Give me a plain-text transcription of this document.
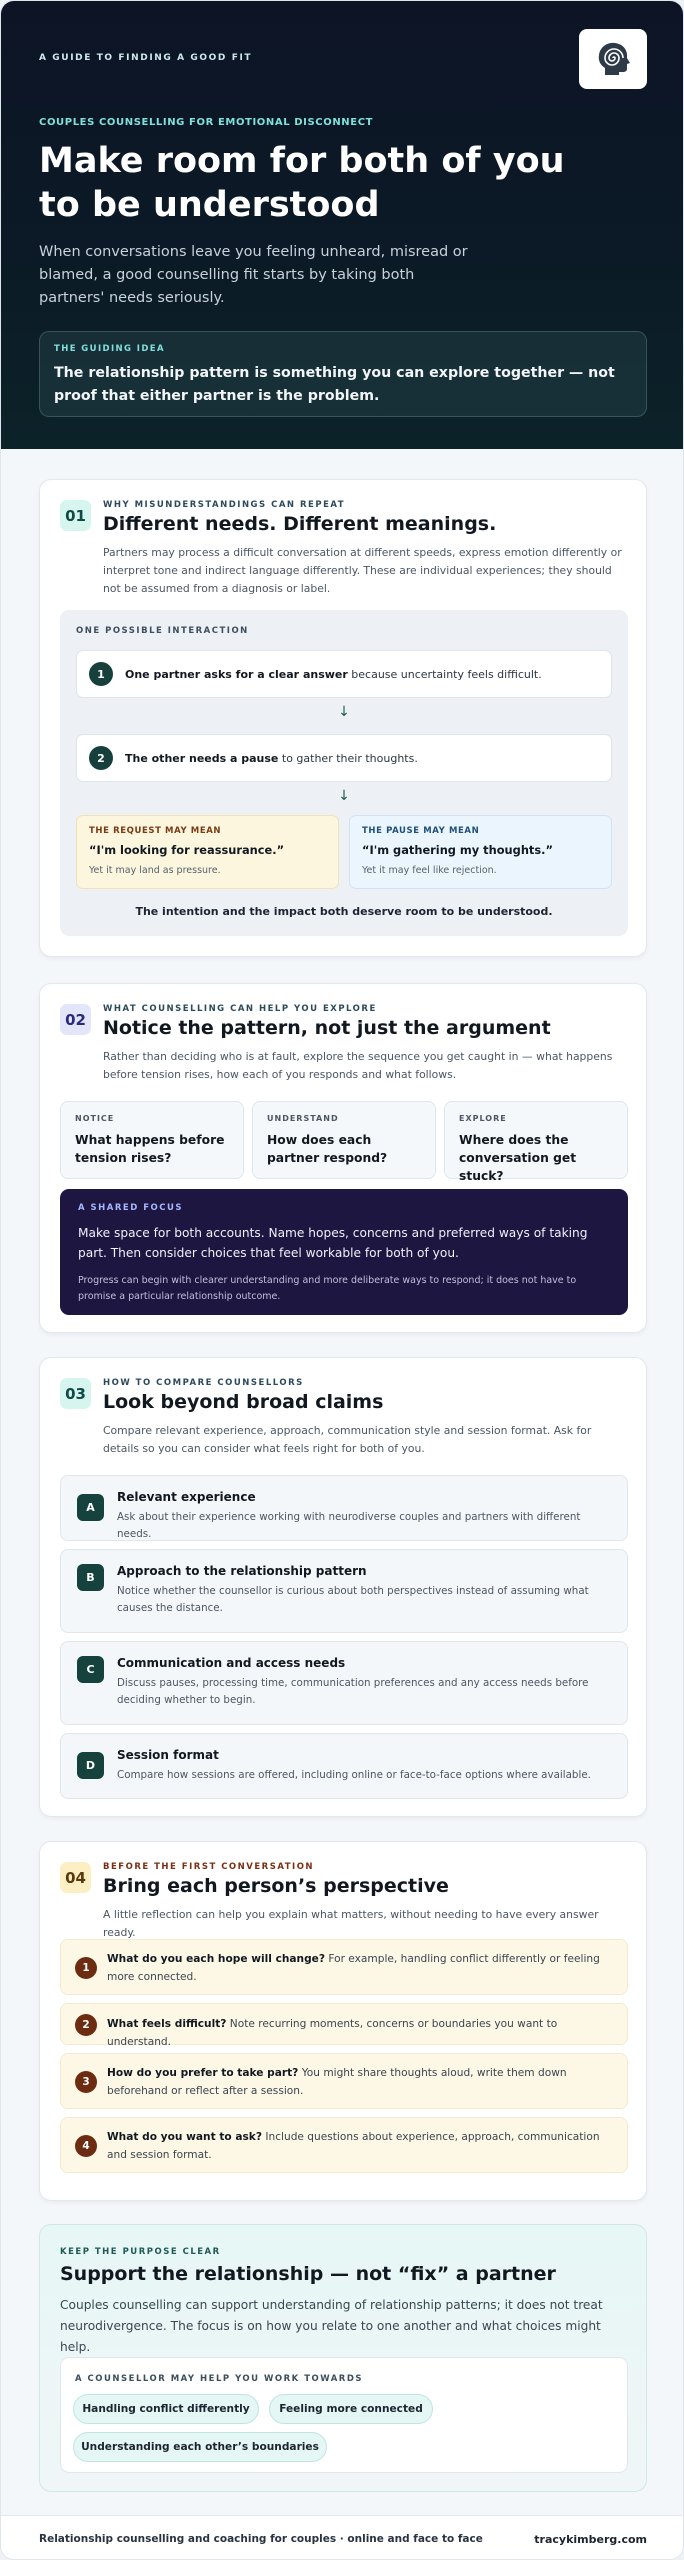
A GUIDE TO FINDING A GOOD FIT
COUPLES COUNSELLING FOR EMOTIONAL DISCONNECT
Make room for both of you to be understood

When conversations leave you feeling unheard, misread or blamed, a good counselling fit starts by taking both partners' needs seriously.

THE GUIDING IDEA
The relationship pattern is something you can explore together — not proof that either partner is the problem.
01
WHY MISUNDERSTANDINGS CAN REPEAT
Different needs. Different meanings.

Partners may process a difficult conversation at different speeds, express emotion differently or interpret tone and indirect language differently. These are individual experiences; they should not be assumed from a diagnosis or label.

ONE POSSIBLE INTERACTION
1	One partner asks for a clear answer because uncertainty feels difficult.
↓
2	The other needs a pause to gather their thoughts.
↓
THE REQUEST MAY MEAN
“I'm looking for reassurance.”
Yet it may land as pressure.
THE PAUSE MAY MEAN
“I'm gathering my thoughts.”
Yet it may feel like rejection.
The intention and the impact both deserve room to be understood.
02
WHAT COUNSELLING CAN HELP YOU EXPLORE
Notice the pattern, not just the argument

Rather than deciding who is at fault, explore the sequence you get caught in — what happens before tension rises, how each of you responds and what follows.

NOTICE
What happens before tension rises?
UNDERSTAND
How does each partner respond?
EXPLORE
Where does the conversation get stuck?
A SHARED FOCUS
Make space for both accounts. Name hopes, concerns and preferred ways of taking part. Then consider choices that feel workable for both of you.
Progress can begin with clearer understanding and more deliberate ways to respond; it does not have to promise a particular relationship outcome.
03
HOW TO COMPARE COUNSELLORS
Look beyond broad claims

Compare relevant experience, approach, communication style and session format. Ask for details so you can consider what feels right for both of you.

A
Relevant experience
Ask about their experience working with neurodiverse couples and partners with different needs.
B	Approach to the relationship pattern
Notice whether the counsellor is curious about both perspectives instead of assuming what causes the distance.
C	Communication and access needs
Discuss pauses, processing time, communication preferences and any access needs before deciding whether to begin.
D
Session format
Compare how sessions are offered, including online or face-to-face options where available.
04
BEFORE THE FIRST CONVERSATION
Bring each person’s perspective

A little reflection can help you explain what matters, without needing to have every answer ready.

1
What do you each hope will change? For example, handling conflict differently or feeling more connected.
2	What feels difficult? Note recurring moments, concerns or boundaries you want to understand.
3
How do you prefer to take part? You might share thoughts aloud, write them down beforehand or reflect after a session.
4
What do you want to ask? Include questions about experience, approach, communication and session format.
KEEP THE PURPOSE CLEAR
Support the relationship — not “fix” a partner

Couples counselling can support understanding of relationship patterns; it does not treat neurodivergence. The focus is on how you relate to one another and what choices might help.

A COUNSELLOR MAY HELP YOU WORK TOWARDS
Handling conflict differently	Feeling more connected
Understanding each other’s boundaries
Relationship counselling and coaching for couples · online and face to face	tracykimberg.com
